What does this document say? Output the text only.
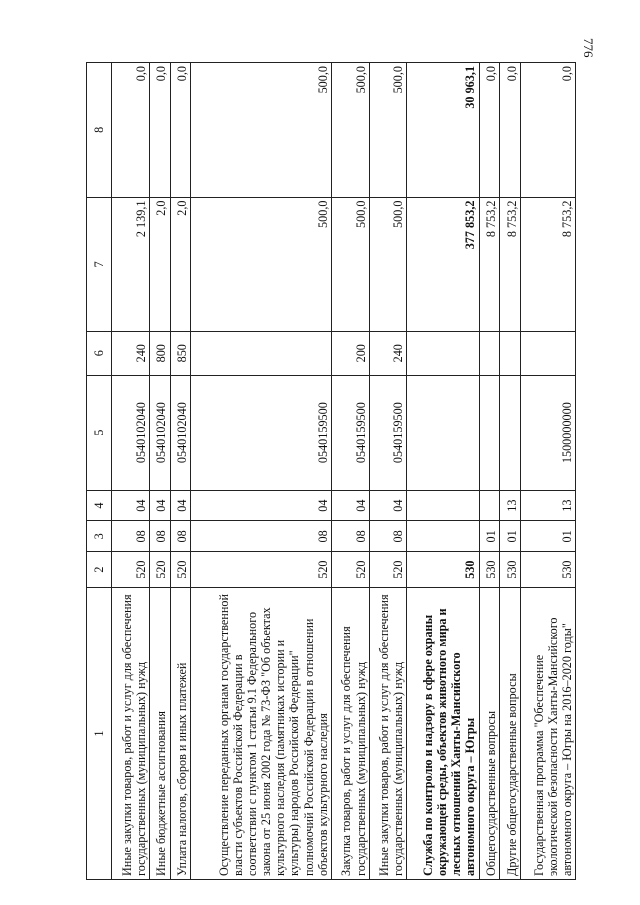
776
1	2	3	4	5	6	7	8
Иные закупки товаров, работ и услуг для обеспечения государственных (муниципальных) нужд	520	08	04	0540102040	240	2 139,1	0,0
Иные бюджетные ассигнования	520	08	04	0540102040	800	2,0	0,0
Уплата налогов, сборов и иных платежей	520	08	04	0540102040	850	2,0	0,0
Осуществление переданных органам государственной власти субъектов Российской Федерации в соответствии с пунктом 1 статьи 9.1 Федерального закона от 25 июня 2002 года № 73-ФЗ "Об объектах культурного наследия (памятниках истории и культуры) народов Российской Федерации" полномочий Российской Федерации в отношении объектов культурного наследия	520	08	04	0540159500		500,0	500,0
Закупка товаров, работ и услуг для обеспечения государственных (муниципальных) нужд	520	08	04	0540159500	200	500,0	500,0
Иные закупки товаров, работ и услуг для обеспечения государственных (муниципальных) нужд	520	08	04	0540159500	240	500,0	500,0
Служба по контролю и надзору в сфере охраны окружающей среды, объектов животного мира и лесных отношений Ханты-Мансийского автономного округа – Югры	530					377 853,2	30 963,1
Общегосударственные вопросы	530	01				8 753,2	0,0
Другие общегосударственные вопросы	530	01	13			8 753,2	0,0
Государственная программа "Обеспечение экологической безопасности Ханты-Мансийского автономного округа – Югры на 2016–2020 годы"	530	01	13	1500000000		8 753,2	0,0
